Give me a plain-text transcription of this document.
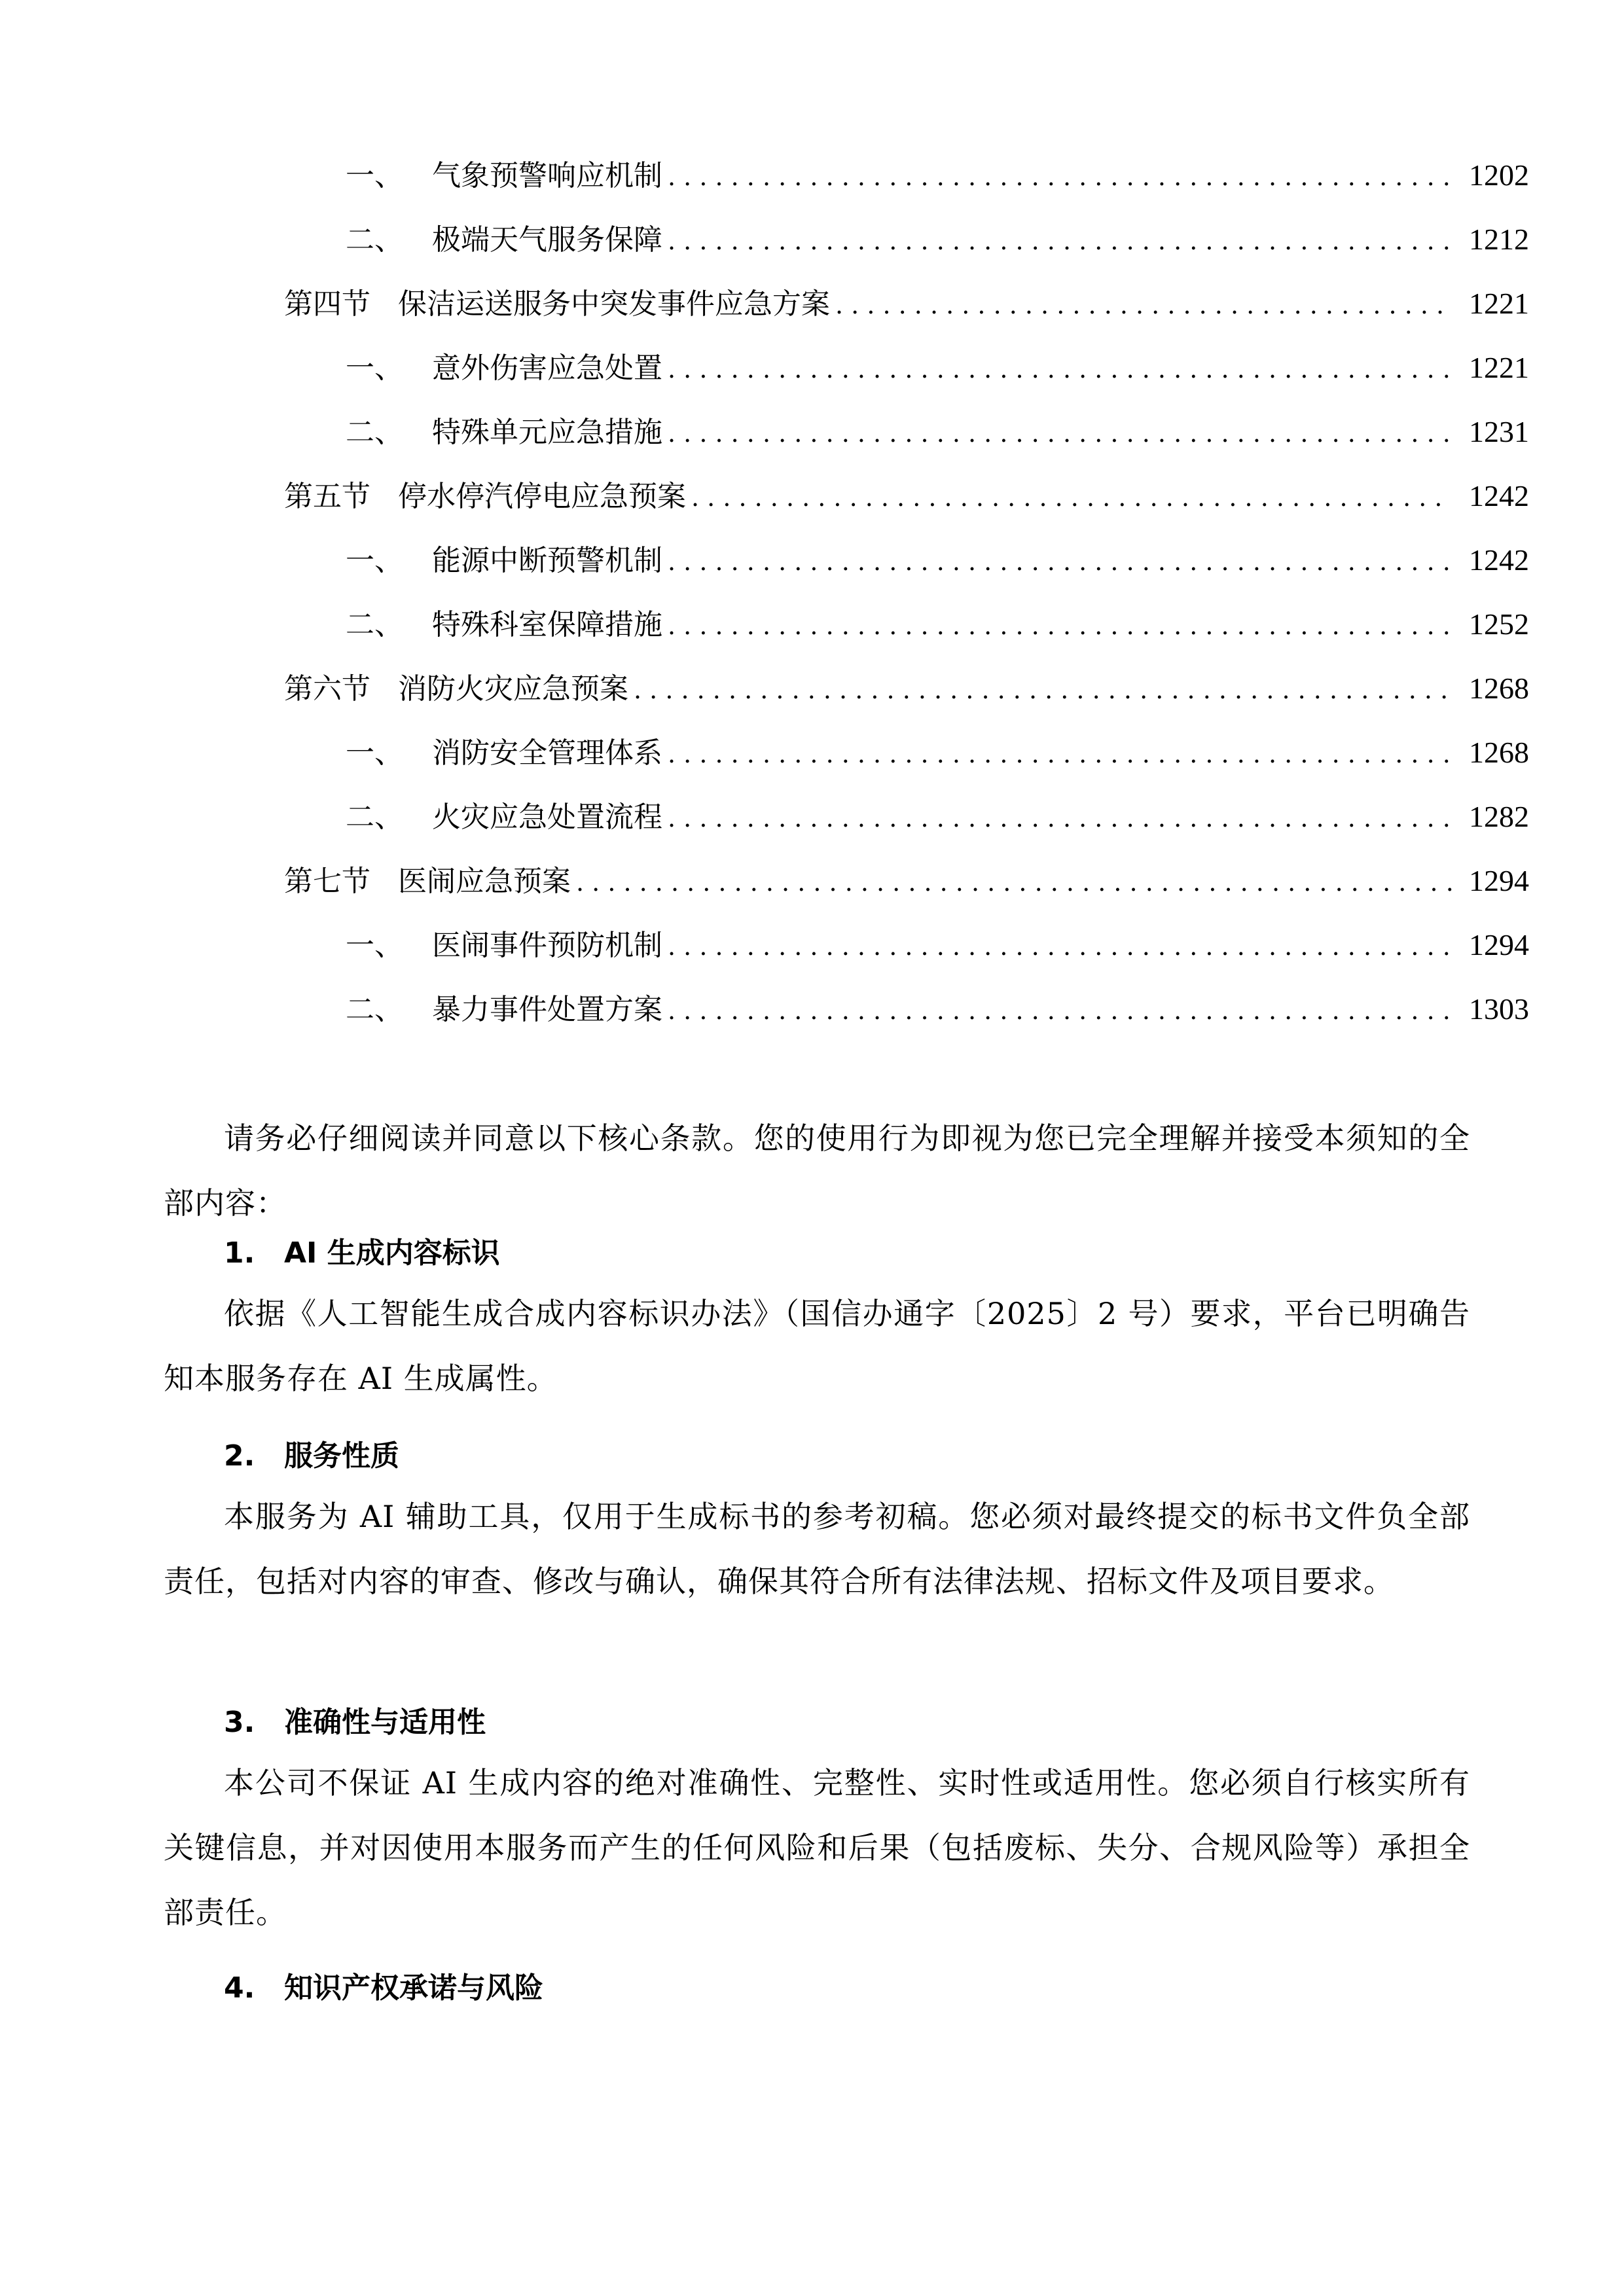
一、	气象预警响应机制 . . .	1202
二、	极端天气服务保障 . . .	1212
第四节 保洁运送服务中突发事件应急方案 . . .	1221
一、	意外伤害应急处置 . . .	1221
二、	特殊单元应急措施 . . .	1231
第五节 停水停汽停电应急预案 . . .	1242
一、	能源中断预警机制 . . .	1242
二、	特殊科室保障措施 . . .	1252
第六节 消防火灾应急预案 . . .	1268
一、	消防安全管理体系 . . .	1268
二、	火灾应急处置流程 . . .	1282
第七节 医闹应急预案 . . .	1294
一、	医闹事件预防机制 . . .	1294
二、	暴力事件处置方案 . . .	1303

请务必仔细阅读并同意以下核心条款。您的使用行为即视为您已完全理解并接受本须知的全部内容：

1. AI 生成内容标识

依据《人工智能生成合成内容标识办法》（国信办通字〔2025〕2 号）要求，平台已明确告知本服务存在 AI 生成属性。

2. 服务性质

本服务为 AI 辅助工具，仅用于生成标书的参考初稿。您必须对最终提交的标书文件负全部责任，包括对内容的审查、修改与确认，确保其符合所有法律法规、招标文件及项目要求。

3. 准确性与适用性

本公司不保证 AI 生成内容的绝对准确性、完整性、实时性或适用性。您必须自行核实所有关键信息，并对因使用本服务而产生的任何风险和后果（包括废标、失分、合规风险等）承担全部责任。

4. 知识产权承诺与风险
